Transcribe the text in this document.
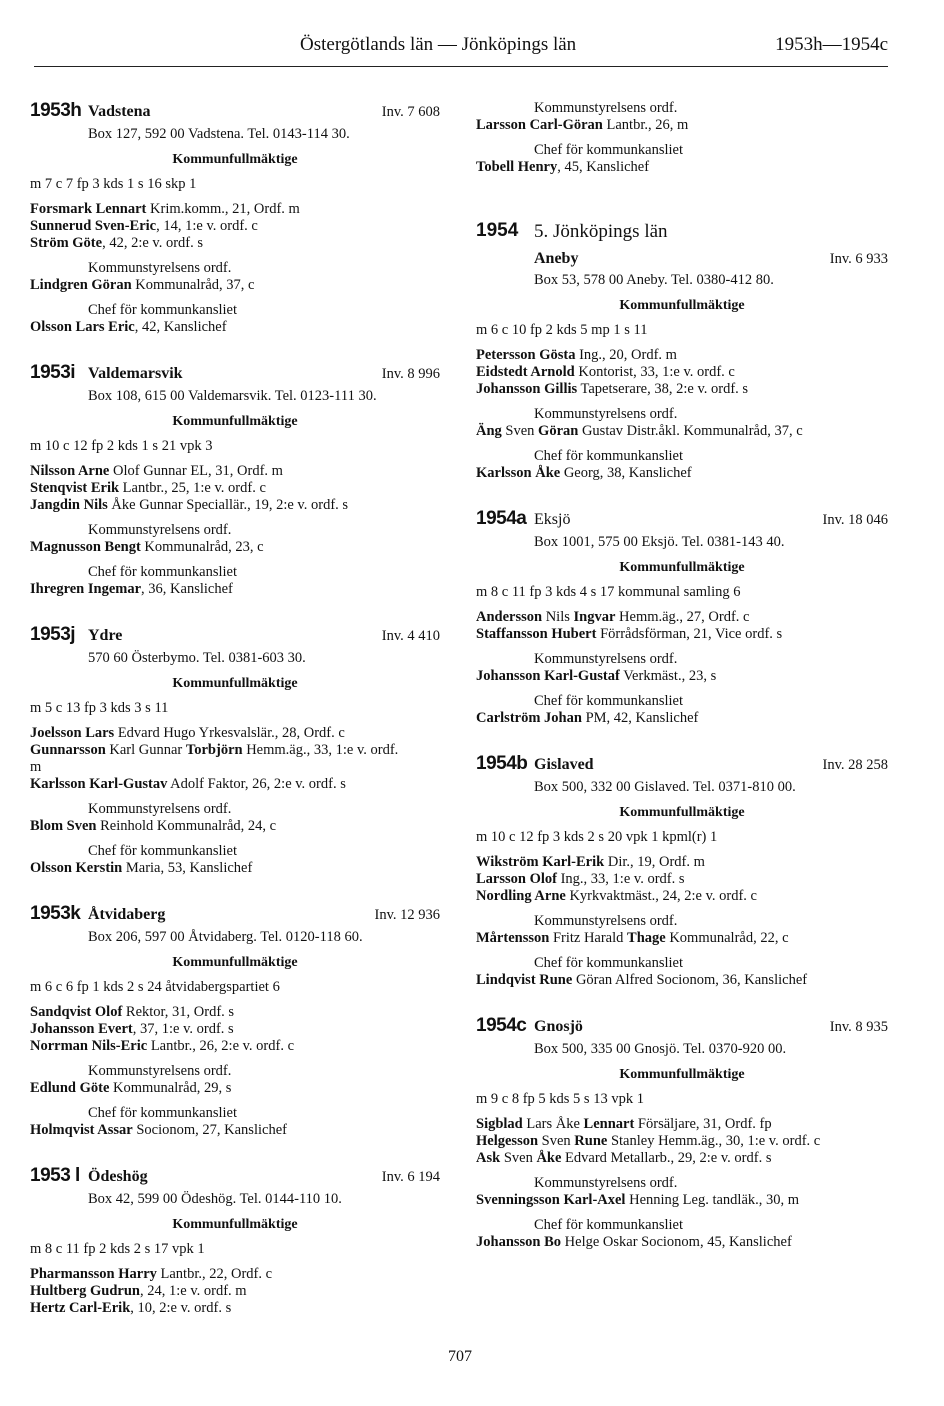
Östergötlands län — Jönköpings län	1953h—1954c
1953h Vadstena	Inv. 7 608
Box 127, 592 00 Vadstena. Tel. 0143-114 30.
Kommunfullmäktige
m 7 c 7 fp 3 kds 1 s 16 skp 1
Forsmark Lennart Krim.komm., 21, Ordf. m
Sunnerud Sven-Eric, 14, 1:e v. ordf. c
Ström Göte, 42, 2:e v. ordf. s
Kommunstyrelsens ordf.
Lindgren Göran Kommunalråd, 37, c
Chef för kommunkansliet
Olsson Lars Eric, 42, Kanslichef
1953i Valdemarsvik	Inv. 8 996
Box 108, 615 00 Valdemarsvik. Tel. 0123-111 30.
Kommunfullmäktige
m 10 c 12 fp 2 kds 1 s 21 vpk 3
Nilsson Arne Olof Gunnar EL, 31, Ordf. m
Stenqvist Erik Lantbr., 25, 1:e v. ordf. c
Jangdin Nils Åke Gunnar Speciallär., 19, 2:e v. ordf. s
Kommunstyrelsens ordf.
Magnusson Bengt Kommunalråd, 23, c
Chef för kommunkansliet
Ihregren Ingemar, 36, Kanslichef
1953j Ydre	Inv. 4 410
570 60 Österbymo. Tel. 0381-603 30.
Kommunfullmäktige
m 5 c 13 fp 3 kds 3 s 11
Joelsson Lars Edvard Hugo Yrkesvalslär., 28, Ordf. c
Gunnarsson Karl Gunnar Torbjörn Hemm.äg., 33, 1:e v. ordf.
m
Karlsson Karl-Gustav Adolf Faktor, 26, 2:e v. ordf. s
Kommunstyrelsens ordf.
Blom Sven Reinhold Kommunalråd, 24, c
Chef för kommunkansliet
Olsson Kerstin Maria, 53, Kanslichef
1953k Åtvidaberg	Inv. 12 936
Box 206, 597 00 Åtvidaberg. Tel. 0120-118 60.
Kommunfullmäktige
m 6 c 6 fp 1 kds 2 s 24 åtvidabergspartiet 6
Sandqvist Olof Rektor, 31, Ordf. s
Johansson Evert, 37, 1:e v. ordf. s
Norrman Nils-Eric Lantbr., 26, 2:e v. ordf. c
Kommunstyrelsens ordf.
Edlund Göte Kommunalråd, 29, s
Chef för kommunkansliet
Holmqvist Assar Socionom, 27, Kanslichef
1953 l Ödeshög	Inv. 6 194
Box 42, 599 00 Ödeshög. Tel. 0144-110 10.
Kommunfullmäktige
m 8 c 11 fp 2 kds 2 s 17 vpk 1
Pharmansson Harry Lantbr., 22, Ordf. c
Hultberg Gudrun, 24, 1:e v. ordf. m
Hertz Carl-Erik, 10, 2:e v. ordf. s
Kommunstyrelsens ordf.
Larsson Carl-Göran Lantbr., 26, m
Chef för kommunkansliet
Tobell Henry, 45, Kanslichef
1954 5. Jönköpings län
Aneby	Inv. 6 933
Box 53, 578 00 Aneby. Tel. 0380-412 80.
Kommunfullmäktige
m 6 c 10 fp 2 kds 5 mp 1 s 11
Petersson Gösta Ing., 20, Ordf. m
Eidstedt Arnold Kontorist, 33, 1:e v. ordf. c
Johansson Gillis Tapetserare, 38, 2:e v. ordf. s
Kommunstyrelsens ordf.
Äng Sven Göran Gustav Distr.åkl. Kommunalråd, 37, c
Chef för kommunkansliet
Karlsson Åke Georg, 38, Kanslichef
1954a Eksjö	Inv. 18 046
Box 1001, 575 00 Eksjö. Tel. 0381-143 40.
Kommunfullmäktige
m 8 c 11 fp 3 kds 4 s 17 kommunal samling 6
Andersson Nils Ingvar Hemm.äg., 27, Ordf. c
Staffansson Hubert Förrådsförman, 21, Vice ordf. s
Kommunstyrelsens ordf.
Johansson Karl-Gustaf Verkmäst., 23, s
Chef för kommunkansliet
Carlström Johan PM, 42, Kanslichef
1954b Gislaved	Inv. 28 258
Box 500, 332 00 Gislaved. Tel. 0371-810 00.
Kommunfullmäktige
m 10 c 12 fp 3 kds 2 s 20 vpk 1 kpml(r) 1
Wikström Karl-Erik Dir., 19, Ordf. m
Larsson Olof Ing., 33, 1:e v. ordf. s
Nordling Arne Kyrkvaktmäst., 24, 2:e v. ordf. c
Kommunstyrelsens ordf.
Mårtensson Fritz Harald Thage Kommunalråd, 22, c
Chef för kommunkansliet
Lindqvist Rune Göran Alfred Socionom, 36, Kanslichef
1954c Gnosjö	Inv. 8 935
Box 500, 335 00 Gnosjö. Tel. 0370-920 00.
Kommunfullmäktige
m 9 c 8 fp 5 kds 5 s 13 vpk 1
Sigblad Lars Åke Lennart Försäljare, 31, Ordf. fp
Helgesson Sven Rune Stanley Hemm.äg., 30, 1:e v. ordf. c
Ask Sven Åke Edvard Metallarb., 29, 2:e v. ordf. s
Kommunstyrelsens ordf.
Svenningsson Karl-Axel Henning Leg. tandläk., 30, m
Chef för kommunkansliet
Johansson Bo Helge Oskar Socionom, 45, Kanslichef
707
